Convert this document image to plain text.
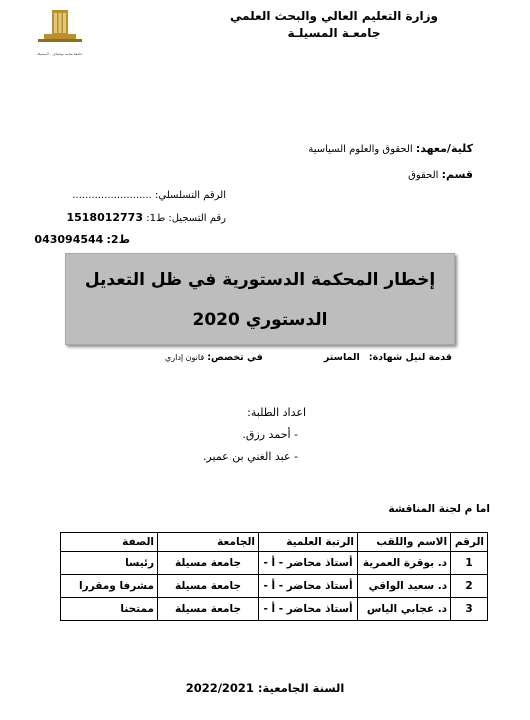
وزارة التعليم العالي والبحث العلمي
جامعـة المسيلـة
جامعة محمد بوضياف - المسيلة
كلية/معهد: الحقوق والعلوم السياسية
قسم: الحقوق
الرقم التسلسلي: .........................
رقم التسجيل: ط1: 1518012773
ط2: 043094544
إخطار المحكمة الدستورية في ظل التعديل
الدستوري 2020
قدمة لنيل شهادة:   الماستر
في تخصص: قانون إداري
اعداد الطلبة:
- أحمد رزق.
- عبد الغني بن عمير.
اما م لجنة المناقشة
الرقم	الاسم واللقب	الرتبة العلمية	الجامعة	الصفة
1	د. بوقرة العمرية	أستاذ محاضر - أ -	جامعة مسيلة	رئيسا
2	د. سعيد الواقي	أستاذ محاضر - أ -	جامعة مسيلة	مشرفا ومقررا
3	د. عجابي الياس	أستاذ محاضر - أ -	جامعة مسيلة	ممتحنا
السنة الجامعية: 2022/2021
